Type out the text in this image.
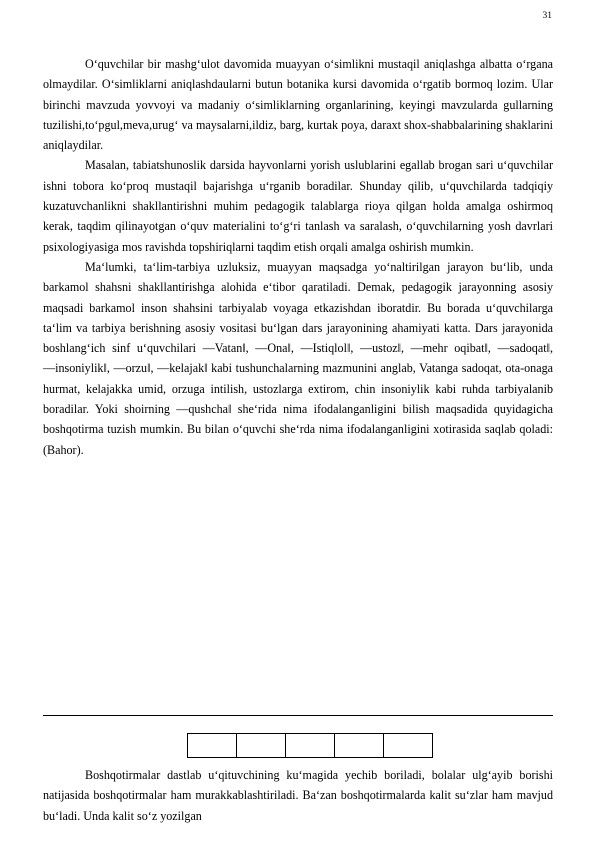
31

O‘quvchilar bir mashg‘ulot davomida muayyan o‘simlikni mustaqil aniqlashga albatta o‘rgana olmaydilar. O‘simliklarni aniqlashdaularni butun botanika kursi davomida o‘rgatib bormoq lozim. Ular birinchi mavzuda yovvoyi va madaniy o‘simliklarning organlarining, keyingi mavzularda gullarning tuzilishi,to‘pgul,meva,urug‘ va maysalarni,ildiz, barg, kurtak poya, daraxt shox-shabbalarining shaklarini aniqlaydilar.

Masalan, tabiatshunoslik darsida hayvonlarni yorish uslublarini egallab brogan sari u‘quvchilar ishni tobora ko‘proq mustaqil bajarishga u‘rganib boradilar. Shunday qilib, u‘quvchilarda tadqiqiy kuzatuvchanlikni shakllantirishni muhim pedagogik talablarga rioya qilgan holda amalga oshirmoq kerak, taqdim qilinayotgan o‘quv materialini to‘g‘ri tanlash va saralash, o‘quvchilarning yosh davrlari psixologiyasiga mos ravishda topshiriqlarni taqdim etish orqali amalga oshirish mumkin.

Ma‘lumki, ta‘lim-tarbiya uzluksiz, muayyan maqsadga yo‘naltirilgan jarayon bu‘lib, unda barkamol shahsni shakllantirishga alohida e‘tibor qaratiladi. Demak, pedagogik jarayonning asosiy maqsadi barkamol inson shahsini tarbiyalab voyaga etkazishdan iboratdir. Bu borada u‘quvchilarga ta‘lim va tarbiya berishning asosiy vositasi bu‘lgan dars jarayonining ahamiyati katta. Dars jarayonida boshlang‘ich sinf u‘quvchilari ―Vatan‖, ―Ona‖, ―Istiqlol‖, ―ustoz‖, ―mehr oqibat‖, ―sadoqat‖, ―insoniylik‖, ―orzu‖, ―kelajak‖ kabi tushunchalarning mazmunini anglab, Vatanga sadoqat, ota-onaga hurmat, kelajakka umid, orzuga intilish, ustozlarga extirom, chin insoniylik kabi ruhda tarbiyalanib boradilar. Yoki shoirning ―qushcha‖ she‘rida nima ifodalanganligini bilish maqsadida quyidagicha boshqotirma tuzish mumkin. Bu bilan o‘quvchi she‘rda nima ifodalanganligini xotirasida saqlab qoladi: (Bahor).

Boshqotirmalar dastlab u‘qituvchining ku‘magida yechib boriladi, bolalar ulg‘ayib borishi natijasida boshqotirmalar ham murakkablashtiriladi. Ba‘zan boshqotirmalarda kalit su‘zlar ham mavjud bu‘ladi. Unda kalit so‘z yozilgan
